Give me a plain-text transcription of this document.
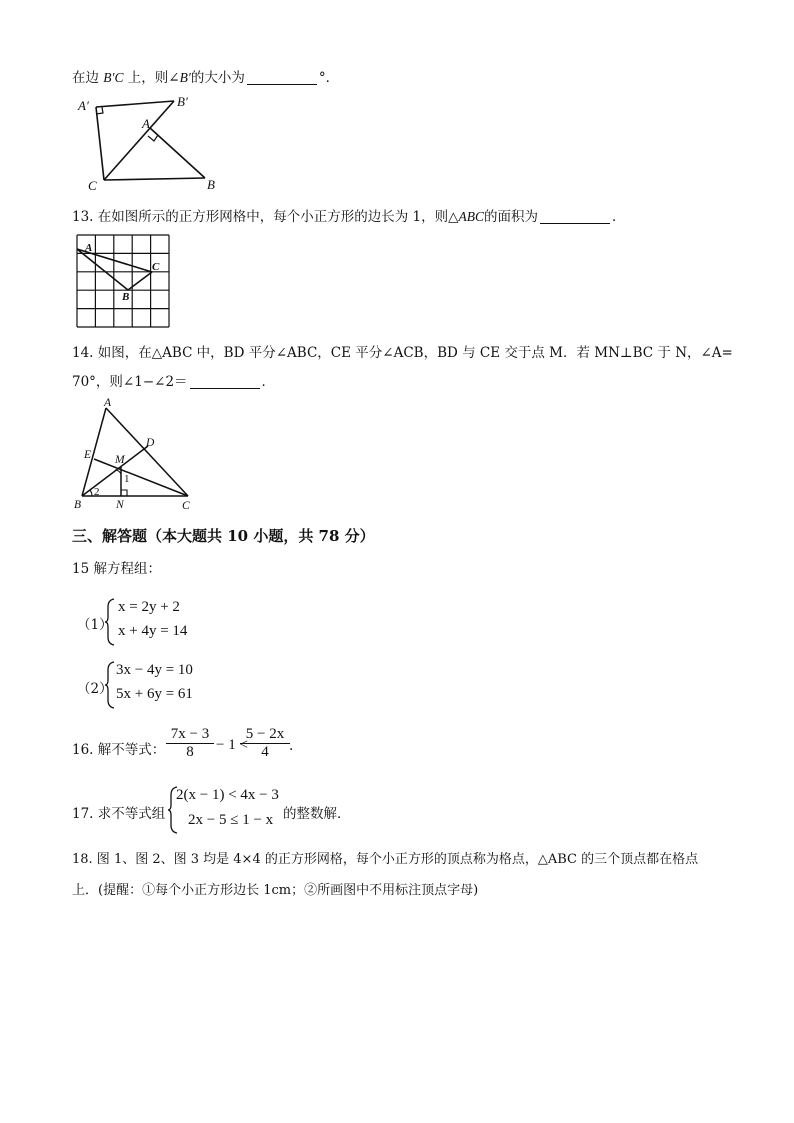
在边 B′C 上，则∠B′的大小为	°．
A′	B′
A
B
C
13. 在如图所示的正方形网格中，每个小正方形的边长为 1，则△ABC的面积为	．
A
B
C
14. 如图，在△ABC 中，BD 平分∠ABC，CE 平分∠ACB，BD 与 CE 交于点 M．若 MN⊥BC 于 N，∠A=
70°，则∠1−∠2＝	．
A
B	C
D
E M
N
1
2
三、解答题（本大题共 10 小题，共 78 分）
15 解方程组：
（1）
x = 2y + 2
x + 4y = 14
（2）
3x − 4y = 10
5x + 6y = 61
16. 解不等式： $\frac{7x - 3}{8} - 1$ <
$\frac{5 - 2x}{4}$ .
17. 求不等式组
2(x − 1) < 4x − 3
2x − 5 ≤ 1 − x 的整数解．
18. 图 1、图 2、图 3 均是 4×4 的正方形网格，每个小正方形的顶点称为格点，△ABC 的三个顶点都在格点
上．(提醒：①每个小正方形边长 1cm；②所画图中不用标注顶点字母)
